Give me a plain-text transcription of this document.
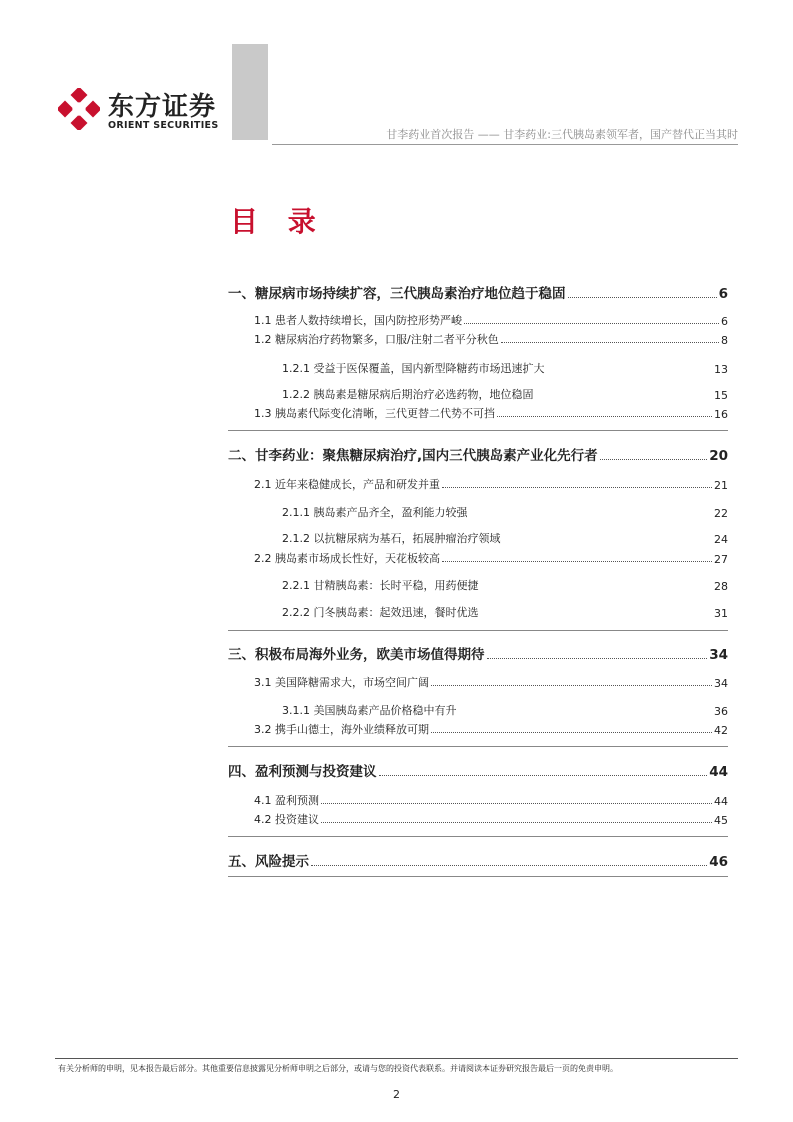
东方证券
ORIENT SECURITIES
甘李药业首次报告 —— 甘李药业:三代胰岛素领军者，国产替代正当其时
目 录
一、糖尿病市场持续扩容，三代胰岛素治疗地位趋于稳固	6
1.1 患者人数持续增长，国内防控形势严峻	6
1.2 糖尿病治疗药物繁多，口服/注射二者平分秋色	8
1.2.1 受益于医保覆盖，国内新型降糖药市场迅速扩大	13
1.2.2 胰岛素是糖尿病后期治疗必选药物，地位稳固	15
1.3 胰岛素代际变化清晰，三代更替二代势不可挡	16
二、甘李药业：聚焦糖尿病治疗,国内三代胰岛素产业化先行者	20
2.1 近年来稳健成长，产品和研发并重	21
2.1.1 胰岛素产品齐全，盈利能力较强	22
2.1.2 以抗糖尿病为基石，拓展肿瘤治疗领域	24
2.2 胰岛素市场成长性好，天花板较高	27
2.2.1 甘精胰岛素：长时平稳，用药便捷	28
2.2.2 门冬胰岛素：起效迅速，餐时优选	31
三、积极布局海外业务，欧美市场值得期待	34
3.1 美国降糖需求大，市场空间广阔	34
3.1.1 美国胰岛素产品价格稳中有升	36
3.2 携手山德士，海外业绩释放可期	42
四、盈利预测与投资建议	44
4.1 盈利预测	44
4.2 投资建议	45
五、风险提示	46
有关分析师的申明，见本报告最后部分。其他重要信息披露见分析师申明之后部分，或请与您的投资代表联系。并请阅读本证券研究报告最后一页的免责申明。
2
